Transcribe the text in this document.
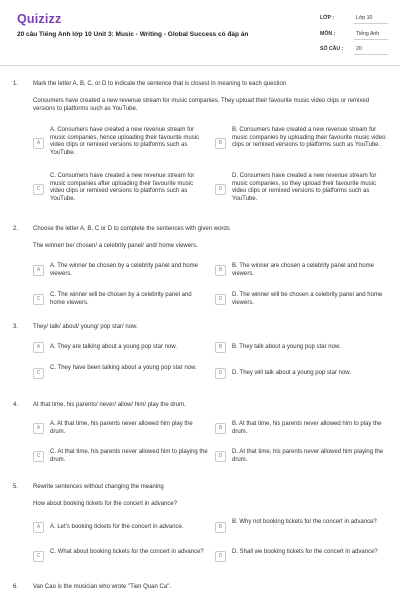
Quizizz
20 câu Tiếng Anh lớp 10 Unit 3: Music - Writing - Global Success có đáp án
LỚP :	Lớp 10
MÔN :	Tiếng Anh
SỐ CÂU : 20
1. Mark the letter A, B, C, or D to indicate the sentence that is closest in meaning to each question
Consumers have created a new revenue stream for music companies. They upload their favourite music video clips or remixed versions to platforms such as YouTube.
A
A. Consumers have created a new revenue stream for music companies, hence uploading their favourite music video clips or remixed versions to platforms such as YouTube.
B
B. Consumers have created a new revenue stream for music companies by uploading their favourite music video clips or remixed versions to platforms such as YouTube.
C
C. Consumers have created a new revenue stream for music companies after uploading their favourite music video clips or remixed versions to platforms such as YouTube.
D
D. Consumers have created a new revenue stream for music companies, so they upload their favourite music video clips or remixed versions to platforms such as YouTube.
2. Choose the letter A, B, C or D to complete the sentences with given words
The winner/ be/ chosen/ a celebrity panel/ and/ home viewers.
A
A. The winner be chosen by a celebrity panel and home viewers.
B
B. The winner are chosen a celebrity panel and home viewers.
C
C. The winner will be chosen by a celebrity panel and home viewers.
D
D. The winner will be chosen a celebrity panel and home viewers.
3. They/ talk/ about/ young/ pop star/ now.
A	A. They are talking about a young pop star now.	B	B. They talk about a young pop star now.
C
C. They have been talking about a young pop star now.
D	D. They will talk about a young pop star now.
4. At that time, his parents/ never/ allow/ him/ play the drum.
A
A. At that time, his parents never allowed him play the drum.
B
B. At that time, his parents never allowed him to play the drum.
C
C. At that time, his parents never allowed him to playing the drum.
D
D. At that time, his parents never allowed him playing the drum.
5. Rewrite sentences without changing the meaning
How about booking tickets for the concert in advance?
A	A. Let's booking tickets for the concert in advance.	B
B. Why not booking tickets for the concert in advance?
C
C. What about booking tickets for the concert in advance?
D
D. Shall we booking tickets for the concert in advance?
6. Van Cao is the musician who wrote "Tien Quan Ca".
